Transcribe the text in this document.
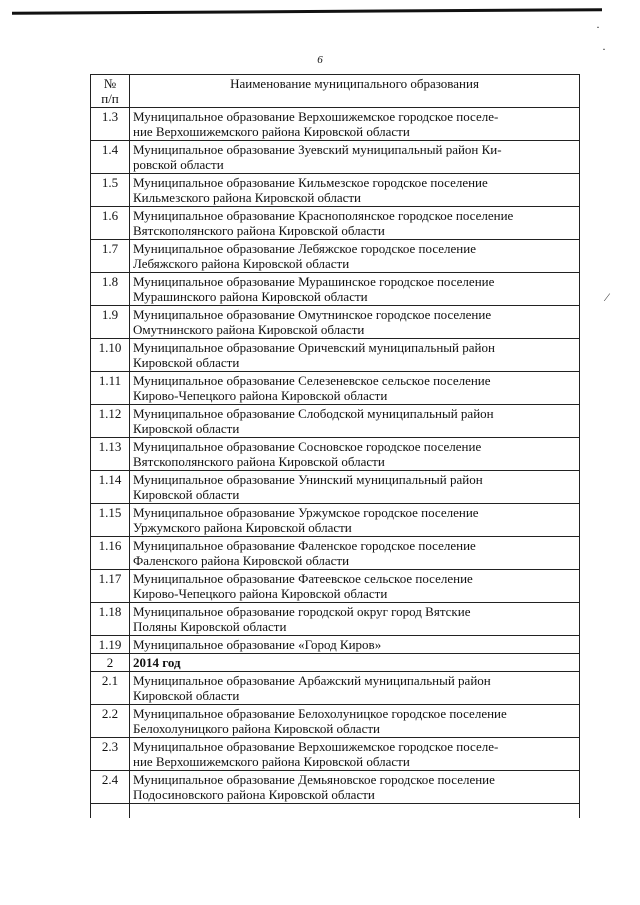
·
·
⁄
6
№
п/п	Наименование муниципального образования
1.3	Муниципальное образование Верхошижемское городское поселе-
ние Верхошижемского района Кировской области
1.4	Муниципальное образование Зуевский муниципальный район Ки-
ровской области
1.5	Муниципальное образование Кильмезское городское поселение
Кильмезского района Кировской области
1.6	Муниципальное образование Краснополянское городское поселение
Вятскополянского района Кировской области
1.7	Муниципальное образование Лебяжское городское поселение
Лебяжского района Кировской области
1.8	Муниципальное образование Мурашинское городское поселение
Мурашинского района Кировской области
1.9	Муниципальное образование Омутнинское городское поселение
Омутнинского района Кировской области
1.10	Муниципальное образование Оричевский муниципальный район
Кировской области
1.11	Муниципальное образование Селезеневское сельское поселение
Кирово-Чепецкого района Кировской области
1.12	Муниципальное образование Слободской муниципальный район
Кировской области
1.13	Муниципальное образование Сосновское городское поселение
Вятскополянского района Кировской области
1.14	Муниципальное образование Унинский муниципальный район
Кировской области
1.15	Муниципальное образование Уржумское городское поселение
Уржумского района Кировской области
1.16	Муниципальное образование Фаленское городское поселение
Фаленского района Кировской области
1.17	Муниципальное образование Фатеевское сельское поселение
Кирово-Чепецкого района Кировской области
1.18	Муниципальное образование городской округ город Вятские
Поляны Кировской области
1.19	Муниципальное образование «Город Киров»
2	2014 год
2.1	Муниципальное образование Арбажский муниципальный район
Кировской области
2.2	Муниципальное образование Белохолуницкое городское поселение
Белохолуницкого района Кировской области
2.3	Муниципальное образование Верхошижемское городское поселе-
ние Верхошижемского района Кировской области
2.4	Муниципальное образование Демьяновское городское поселение
Подосиновского района Кировской области
